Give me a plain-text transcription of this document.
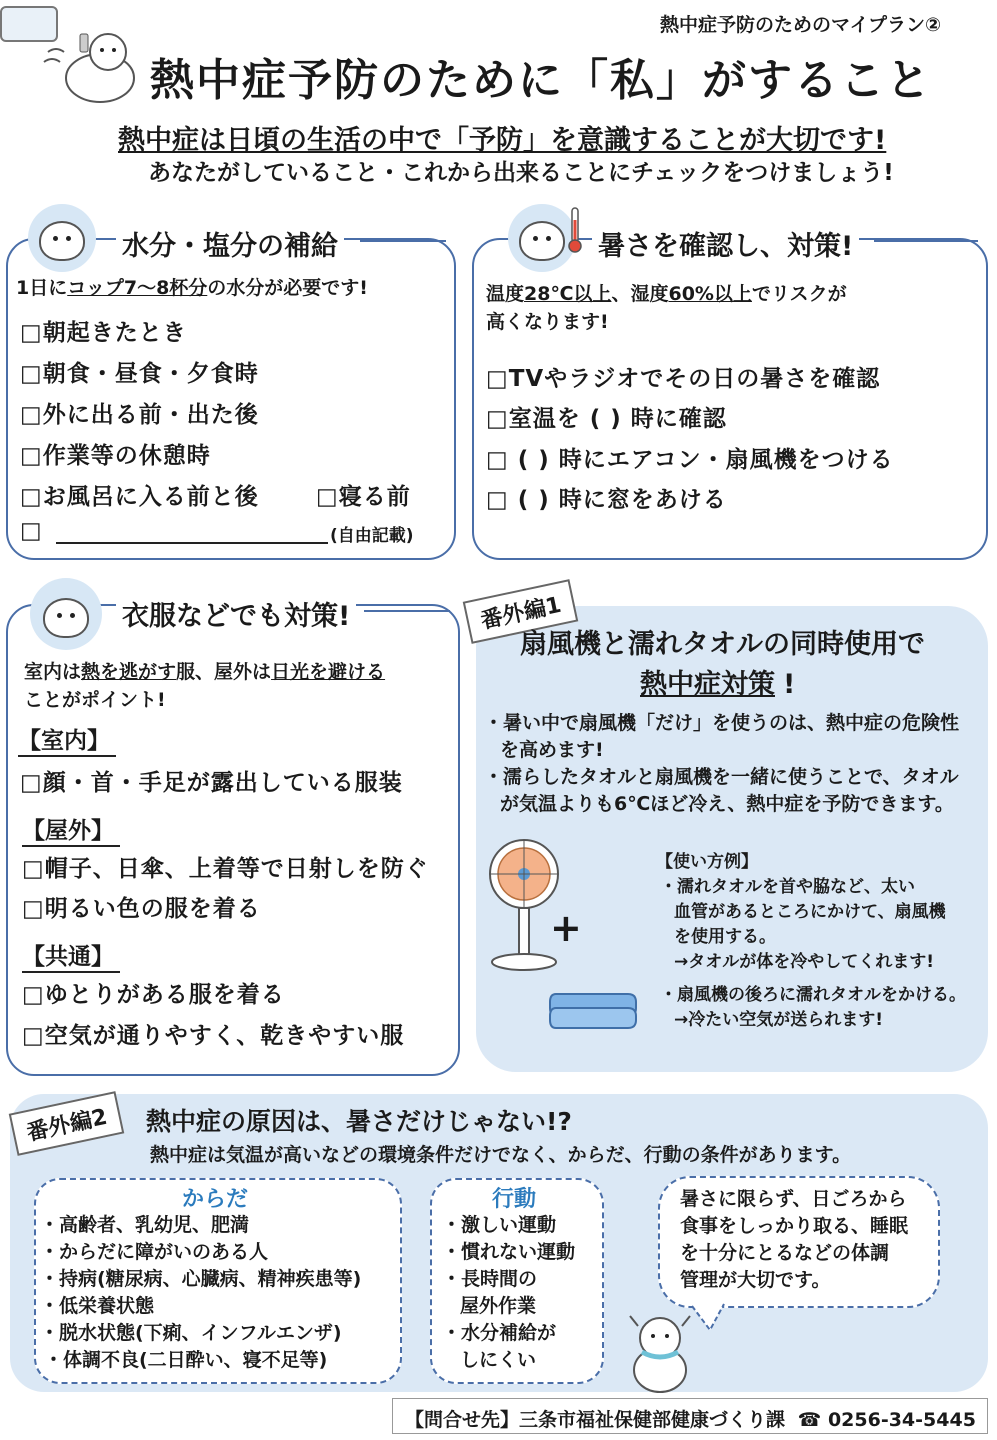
熱中症予防のためのマイプラン②
熱中症予防のために「私」がすること
熱中症は日頃の生活の中で「予防」を意識することが大切です!
あなたがしていること・これから出来ることにチェックをつけましょう!
水分・塩分の補給
1日にコップ7～8杯分の水分が必要です!
□朝起きたとき
□朝食・昼食・夕食時
□外に出る前・出た後
□作業等の休憩時
□お風呂に入る前と後 □寝る前
□	(自由記載)
暑さを確認し、対策!
温度28℃以上、湿度60%以上でリスクが
高くなります!
□TVやラジオでその日の暑さを確認
□室温を ( ) 時に確認
□ ( ) 時にエアコン・扇風機をつける
□ ( ) 時に窓をあける
衣服などでも対策!
室内は熱を逃がす服、屋外は日光を避ける
ことがポイント!
【室内】
□顔・首・手足が露出している服装
【屋外】
□帽子、日傘、上着等で日射しを防ぐ
□明るい色の服を着る
【共通】
□ゆとりがある服を着る
□空気が通りやすく、乾きやすい服
番外編1
扇風機と濡れタオルの同時使用で
熱中症対策 !
・暑い中で扇風機「だけ」を使うのは、熱中症の危険性
を高めます!
・濡らしたタオルと扇風機を一緒に使うことで、タオル
が気温よりも6℃ほど冷え、熱中症を予防できます。
+
【使い方例】
・濡れタオルを首や脇など、太い
血管があるところにかけて、扇風機
を使用する。
→タオルが体を冷やしてくれます!
・扇風機の後ろに濡れタオルをかける。
→冷たい空気が送られます!
番外編2	熱中症の原因は、暑さだけじゃない!?
熱中症は気温が高いなどの環境条件だけでなく、からだ、行動の条件があります。
からだ
・高齢者、乳幼児、肥満
・からだに障がいのある人
・持病(糖尿病、心臓病、精神疾患等)
・低栄養状態
・脱水状態(下痢、インフルエンザ)
・体調不良(二日酔い、寝不足等)
行動
・激しい運動
・慣れない運動
・長時間の
屋外作業
・水分補給が
しにくい
暑さに限らず、日ごろから
食事をしっかり取る、睡眠
を十分にとるなどの体調
管理が大切です。
【問合せ先】三条市福祉保健部健康づくり課 ☎ 0256-34-5445
